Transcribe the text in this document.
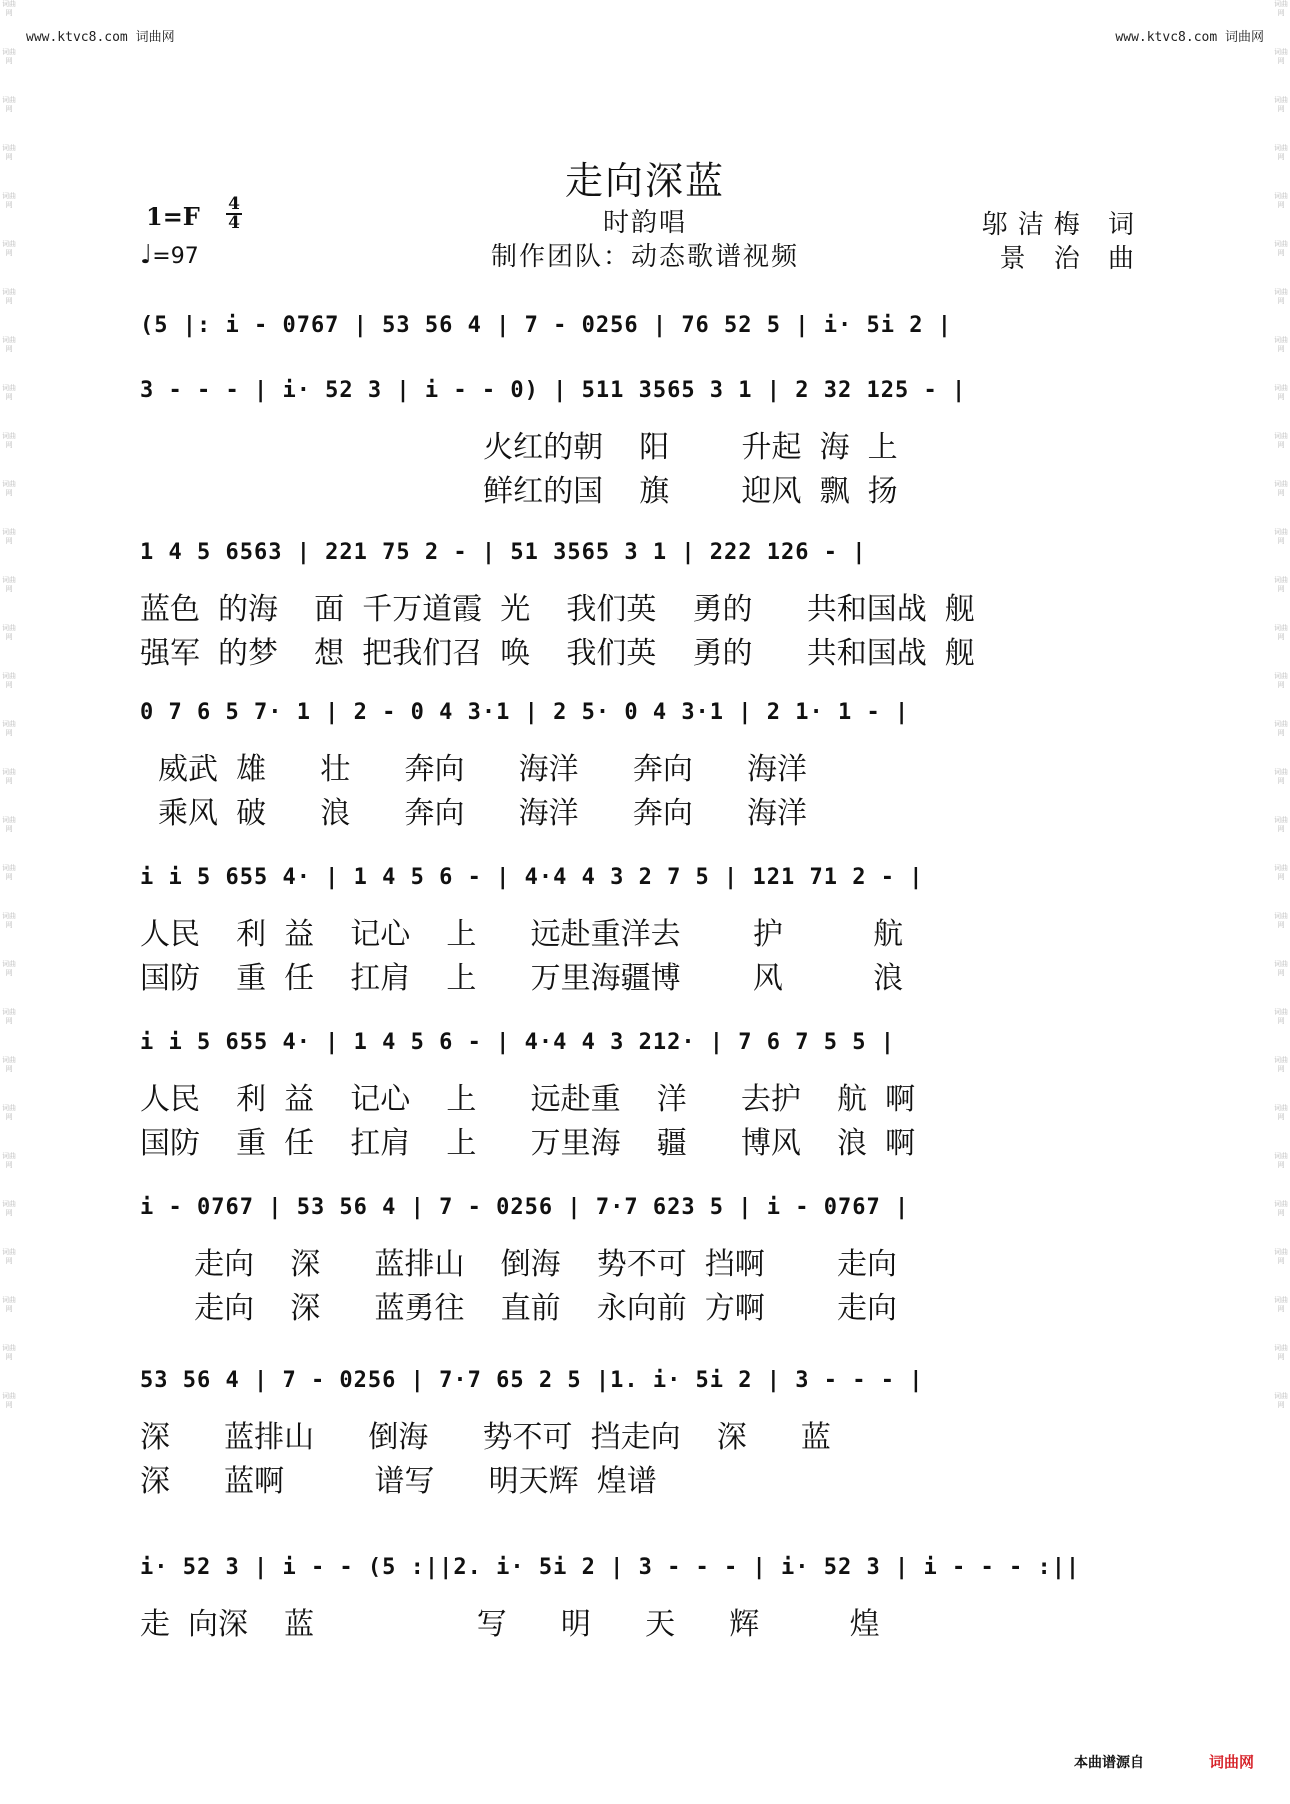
www.ktvc8.com 词曲网	www.ktvc8.com 词曲网
词曲网
词曲网
词曲网
词曲网
词曲网
词曲网
词曲网
词曲网
词曲网
词曲网
词曲网
词曲网
词曲网
词曲网
词曲网
词曲网
词曲网
词曲网
词曲网
词曲网
词曲网
词曲网
词曲网
词曲网
词曲网
词曲网
词曲网
词曲网
词曲网
词曲网
词曲网
词曲网
词曲网
词曲网
词曲网
词曲网
词曲网
词曲网
词曲网
词曲网
词曲网
词曲网
词曲网
词曲网
词曲网
词曲网
词曲网
词曲网
词曲网
词曲网
词曲网
词曲网
词曲网
词曲网
词曲网
词曲网
词曲网
词曲网
词曲网
词曲网
走向深蓝
1=F 4
4
♩=97
时韵唱
制作团队：动态歌谱视频
邬洁梅 词
景 治 曲
(5 |: i - 0767 | 53 56 4 | 7 - 0256 | 76 52 5 | i· 5i 2 |
3 - - - | i· 52 3 | i - - 0) | 511 3565 3 1 | 2 32 125 - |
火红的朝  阳    升起 海 上
鲜红的国  旗    迎风 飘 扬
1 4 5 6563 | 221 75 2 - | 51 3565 3 1 | 222 126 - |
蓝色 的海  面 千万道霞 光  我们英  勇的   共和国战 舰
强军 的梦  想 把我们召 唤  我们英  勇的   共和国战 舰
0 7 6 5 7· 1 | 2 - 0 4 3·1 | 2 5· 0 4 3·1 | 2 1· 1 - |
威武 雄   壮   奔向   海洋   奔向   海洋
乘风 破   浪   奔向   海洋   奔向   海洋
i i 5 655 4· | 1 4 5 6 - | 4·4 4 3 2 7 5 | 121 71 2 - |
人民  利 益  记心  上   远赴重洋去    护     航
国防  重 任  扛肩  上   万里海疆博    风     浪
i i 5 655 4· | 1 4 5 6 - | 4·4 4 3 212· | 7 6 7 5 5 |
人民  利 益  记心  上   远赴重  洋   去护  航 啊
国防  重 任  扛肩  上   万里海  疆   博风  浪 啊
i - 0767 | 53 56 4 | 7 - 0256 | 7·7 623 5 | i - 0767 |
走向  深   蓝排山  倒海  势不可 挡啊    走向
走向  深   蓝勇往  直前  永向前 方啊    走向
53 56 4 | 7 - 0256 | 7·7 65 2 5 |1. i· 5i 2 | 3 - - - |
深   蓝排山   倒海   势不可 挡走向  深   蓝
深   蓝啊     谱写   明天辉 煌谱
i· 52 3 | i - - (5 :||2. i· 5i 2 | 3 - - - | i· 52 3 | i - - - :||
走 向深  蓝         写   明   天   辉     煌
本曲谱源自	词曲网
